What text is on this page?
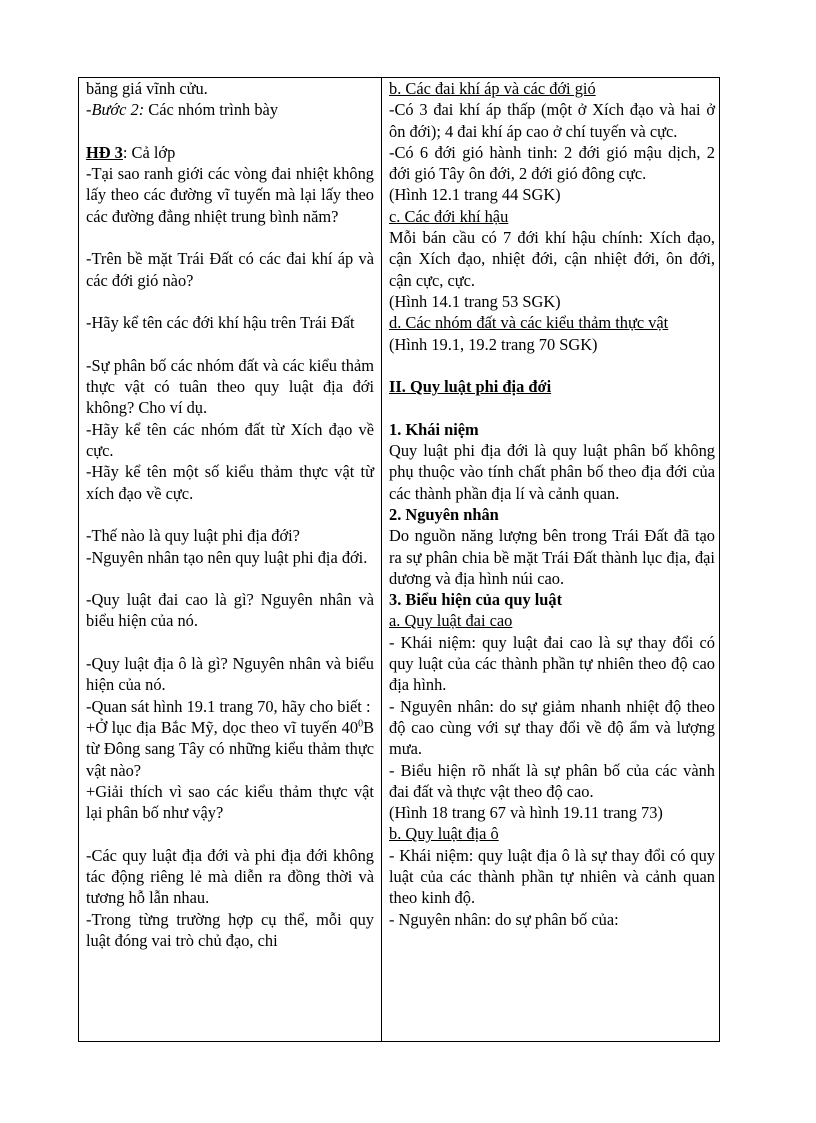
băng giá vĩnh cửu.

-Bước 2: Các nhóm trình bày

HĐ 3: Cả lớp

-Tại sao ranh giới các vòng đai nhiệt không lấy theo các đường vĩ tuyến mà lại lấy theo các đường đẳng nhiệt trung bình năm?

-Trên bề mặt Trái Đất có các đai khí áp và các đới gió nào?

-Hãy kể tên các đới khí hậu trên Trái Đất

-Sự phân bố các nhóm đất và các kiểu thảm thực vật có tuân theo quy luật địa đới không? Cho ví dụ.

-Hãy kể tên các nhóm đất từ Xích đạo về cực.

-Hãy kể tên một số kiểu thảm thực vật từ xích đạo về cực.

-Thế nào là quy luật phi địa đới?

-Nguyên nhân tạo nên quy luật phi địa đới.

-Quy luật đai cao là gì? Nguyên nhân và biểu hiện của nó.

-Quy luật địa ô là gì? Nguyên nhân và biểu hiện của nó.

-Quan sát hình 19.1 trang 70, hãy cho biết :

+Ở lục địa Bắc Mỹ, dọc theo vĩ tuyến $40^0B$ từ Đông sang Tây có những kiểu thảm thực vật nào?

+Giải thích vì sao các kiểu thảm thực vật lại phân bố như vậy?

-Các quy luật địa đới và phi địa đới không tác động riêng lẻ mà diễn ra đồng thời và tương hỗ lẫn nhau.

-Trong từng trường hợp cụ thể, mỗi quy luật đóng vai trò chủ đạo, chi

b. Các đai khí áp và các đới gió

-Có 3 đai khí áp thấp (một ở Xích đạo và hai ở ôn đới); 4 đai khí áp cao ở chí tuyến và cực.

-Có 6 đới gió hành tinh: 2 đới gió mậu dịch, 2 đới gió Tây ôn đới, 2 đới gió đông cực.

(Hình 12.1 trang 44 SGK)

c. Các đới khí hậu

Mỗi bán cầu có 7 đới khí hậu chính: Xích đạo, cận Xích đạo, nhiệt đới, cận nhiệt đới, ôn đới, cận cực, cực.

(Hình 14.1 trang 53 SGK)

d. Các nhóm đất và các kiểu thảm thực vật

(Hình 19.1, 19.2 trang 70 SGK)

II. Quy luật phi địa đới

1. Khái niệm

Quy luật phi địa đới là quy luật phân bố không phụ thuộc vào tính chất phân bố theo địa đới của các thành phần địa lí và cảnh quan.

2. Nguyên nhân

Do nguồn năng lượng bên trong Trái Đất đã tạo ra sự phân chia bề mặt Trái Đất thành lục địa, đại dương và địa hình núi cao.

3. Biểu hiện của quy luật

a. Quy luật đai cao

- Khái niệm: quy luật đai cao là sự thay đổi có quy luật của các thành phần tự nhiên theo độ cao địa hình.

- Nguyên nhân: do sự giảm nhanh nhiệt độ theo độ cao cùng với sự thay đổi về độ ẩm và lượng mưa.

- Biểu hiện rõ nhất là sự phân bố của các vành đai đất và thực vật theo độ cao.

(Hình 18 trang 67 và hình 19.11 trang 73)

b. Quy luật địa ô

- Khái niệm: quy luật địa ô là sự thay đổi có quy luật của các thành phần tự nhiên và cảnh quan theo kinh độ.

- Nguyên nhân: do sự phân bố của:
